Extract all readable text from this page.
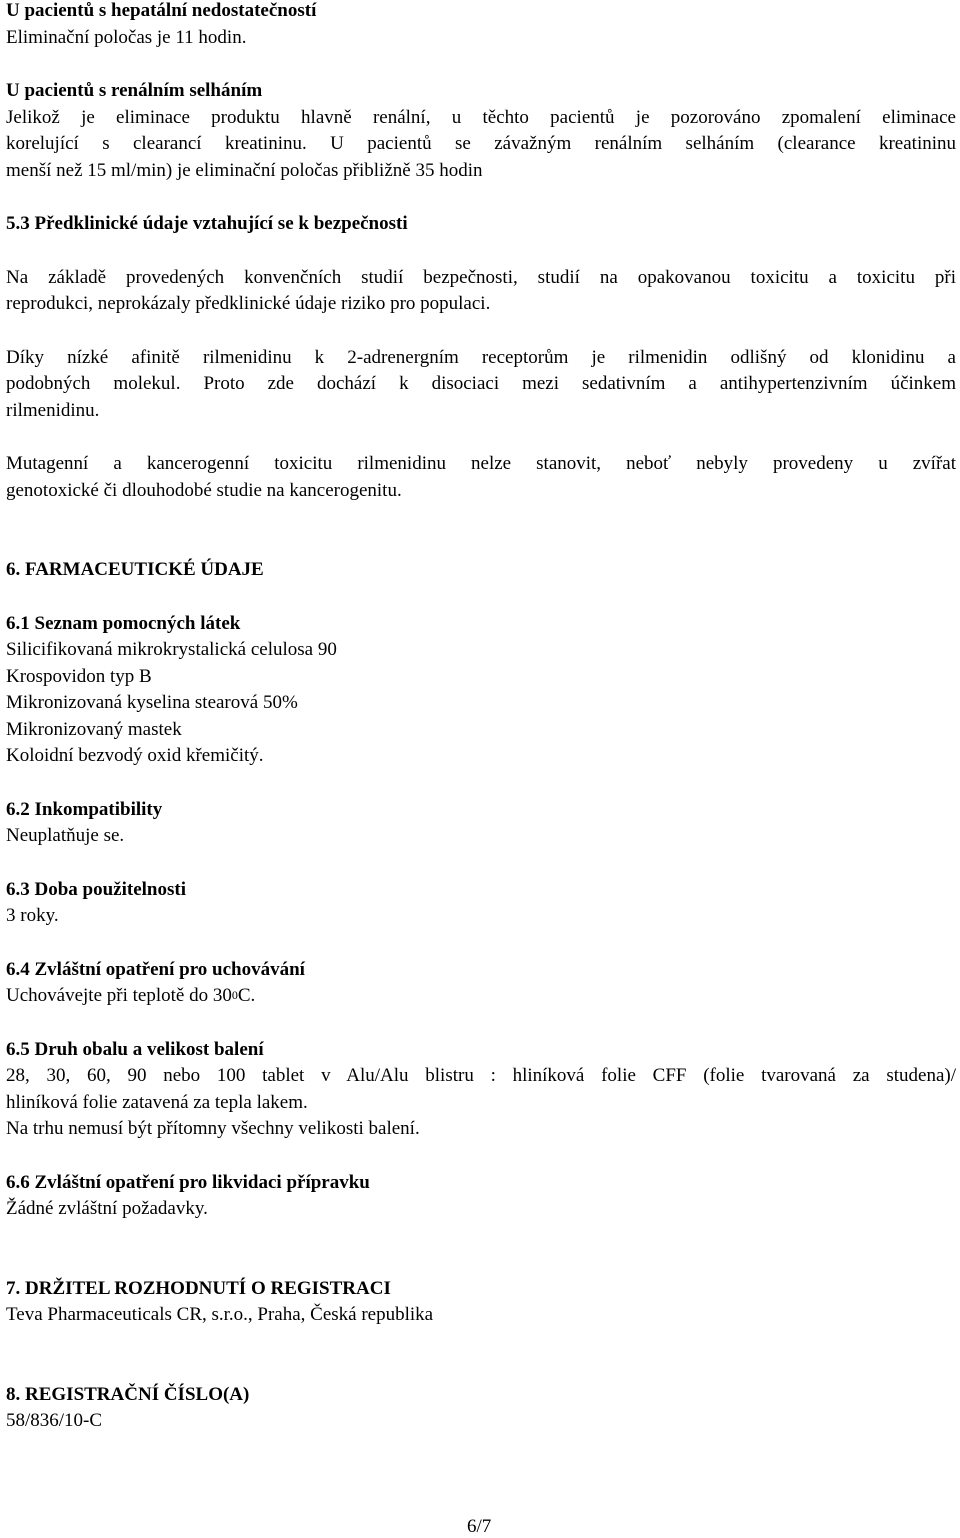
U pacientů s hepatální nedostatečností
Eliminační poločas je 11 hodin.
U pacientů s renálním selháním
Jelikož je eliminace produktu hlavně renální, u těchto pacientů je pozorováno zpomalení eliminace
korelující s clearancí kreatininu. U pacientů se závažným renálním selháním (clearance kreatininu
menší než 15 ml/min) je eliminační poločas přibližně 35 hodin
5.3 Předklinické údaje vztahující se k bezpečnosti
Na základě provedených konvenčních studií bezpečnosti, studií na opakovanou toxicitu a toxicitu při
reprodukci, neprokázaly předklinické údaje riziko pro populaci.
Díky nízké afinitě rilmenidinu k 2-adrenergním receptorům je rilmenidin odlišný od klonidinu a
podobných molekul. Proto zde dochází k disociaci mezi sedativním a antihypertenzivním účinkem
rilmenidinu.
Mutagenní a kancerogenní toxicitu rilmenidinu nelze stanovit, neboť nebyly provedeny u zvířat
genotoxické či dlouhodobé studie na kancerogenitu.
6. FARMACEUTICKÉ ÚDAJE
6.1 Seznam pomocných látek
Silicifikovaná mikrokrystalická celulosa 90
Krospovidon typ B
Mikronizovaná kyselina stearová 50%
Mikronizovaný mastek
Koloidní bezvodý oxid křemičitý.
6.2 Inkompatibility
Neuplatňuje se.
6.3 Doba použitelnosti
3 roky.
6.4 Zvláštní opatření pro uchovávání
Uchovávejte při teplotě do $30^0C$.
6.5 Druh obalu a velikost balení
28, 30, 60, 90 nebo 100 tablet v Alu/Alu blistru : hliníková folie CFF (folie tvarovaná za studena)/
hliníková folie zatavená za tepla lakem.
Na trhu nemusí být přítomny všechny velikosti balení.
6.6 Zvláštní opatření pro likvidaci přípravku
Žádné zvláštní požadavky.
7. DRŽITEL ROZHODNUTÍ O REGISTRACI
Teva Pharmaceuticals CR, s.r.o., Praha, Česká republika
8. REGISTRAČNÍ ČÍSLO(A)
58/836/10-C
6/7
